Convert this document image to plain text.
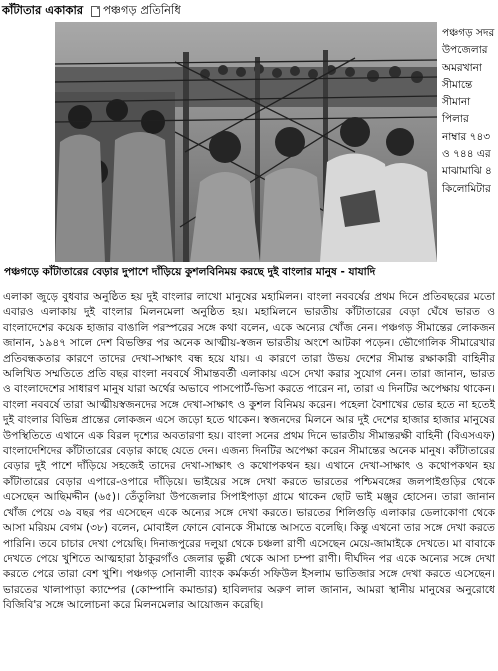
কাঁটাতার একাকার পঞ্চগড় প্রতিনিধি
পঞ্চগড় সদর উপজেলার অমরখানা সীমান্তে সীমানা পিলার নাম্বার ৭৪৩ ও ৭৪৪ এর মাঝামাঝি ৪ কিলোমিটার
পঞ্চগড়ে কাঁটাতারের বেড়ার দুপাশে দাঁড়িয়ে কুশলবিনিময় করছে দুই বাংলার মানুষ - যাযাদি

এলাকা জুড়ে বুধবার অনুষ্ঠিত হয় দুই বাংলার লাখো মানুষের মহামিলন। বাংলা নববর্ষের প্রথম দিনে প্রতিবছরের মতো এবারও এলাকায় দুই বাংলার মিলনমেলা অনুষ্ঠিত হয়। মহামিলনে ভারতীয় কাঁটাতারের বেড়া ঘেঁষে ভারত ও বাংলাদেশের কয়েক হাজার বাঙালি পরস্পরের সঙ্গে কথা বলেন, একে অন্যের খোঁজ নেন। পঞ্চগড় সীমান্তের লোকজন জানান, ১৯৪৭ সালে দেশ বিভক্তির পর অনেক আত্মীয়-স্বজন ভারতীয় অংশে আটকা পড়েন। ভৌগোলিক সীমারেখার প্রতিবন্ধকতার কারণে তাদের দেখা-সাক্ষাৎ বন্ধ হয়ে যায়। এ কারণে তারা উভয় দেশের সীমান্ত রক্ষাকারী বাহিনীর অলিখিত সম্মতিতে প্রতি বছর বাংলা নববর্ষে সীমান্তবর্তী এলাকায় এসে দেখা করার সুযোগ নেন। তারা জানান, ভারত ও বাংলাদেশের সাধারণ মানুষ যারা অর্থের অভাবে পাসপোর্ট-ভিসা করতে পারেন না, তারা এ দিনটির অপেক্ষায় থাকেন। বাংলা নববর্ষে তারা আত্মীয়স্বজনদের সঙ্গে দেখা-সাক্ষাৎ ও কুশল বিনিময় করেন। পহেলা বৈশাখের ভোর হতে না হতেই দুই বাংলার বিভিন্ন প্রান্তের লোকজন এসে জড়ো হতে থাকেন। স্বজনদের মিলনে আর দুই দেশের হাজার হাজার মানুষের উপস্থিতিতে এখানে এক বিরল দৃশ্যের অবতারণা হয়। বাংলা সনের প্রথম দিনে ভারতীয় সীমান্তরক্ষী বাহিনী (বিএসএফ) বাংলাদেশিদের কাঁটাতারের বেড়ার কাছে যেতে দেন। এজন্য দিনটির অপেক্ষা করেন সীমান্তের অনেক মানুষ। কাঁটাতারের বেড়ার দুই পাশে দাঁড়িয়ে সহজেই তাদের দেখা-সাক্ষাৎ ও কথোপকথন হয়। এখানে দেখা-সাক্ষাৎ ও কথোপকথন হয় কাঁটাতারের বেড়ার এপারে-ওপারে দাঁড়িয়ে। ভাইয়ের সঙ্গে দেখা করতে ভারতের পশ্চিমবঙ্গের জলপাইগুড়ির থেকে এসেছেন আছিমদ্দীন (৬৫)। তেঁতুলিয়া উপজেলার সিপাইপাড়া গ্রামে থাকেন ছোট ভাই মঞ্জুর হোসেন। তারা জানান খোঁজ পেয়ে ৩৯ বছর পর এসেছেন একে অন্যের সঙ্গে দেখা করতে। ভারতের শিলিগুড়ি এলাকার ডেলাকোণা থেকে আসা মরিয়ম বেগম (৩৮) বলেন, মোবাইল ফোনে বোনকে সীমান্তে আসতে বলেছি। কিন্তু এখনো তার সঙ্গে দেখা করতে পারিনি। তবে চাচার দেখা পেয়েছি। দিনাজপুরের দলুয়া থেকে চঞ্চলা রাণী এসেছেন মেয়ে-জামাইকে দেখতে। মা বাবাকে দেখতে পেয়ে খুশিতে আত্মহারা ঠাকুরগাঁও জেলার ভুল্লী থেকে আসা চম্পা রাণী। দীর্ঘদিন পর একে অন্যের সঙ্গে দেখা করতে পেরে তারা বেশ খুশি। পঞ্চগড় সোনালী ব্যাংক কর্মকর্তা সফিউল ইসলাম ভাতিজার সঙ্গে দেখা করতে এসেছেন। ভারতের খালাপাড়া ক্যাম্পের (কোম্পানি কমান্ডার) হাবিলদার অরুণ লাল জানান, আমরা স্থানীয় মানুষের অনুরোধে বিজিবি'র সঙ্গে আলোচনা করে মিলনমেলার আয়োজন করেছি।
